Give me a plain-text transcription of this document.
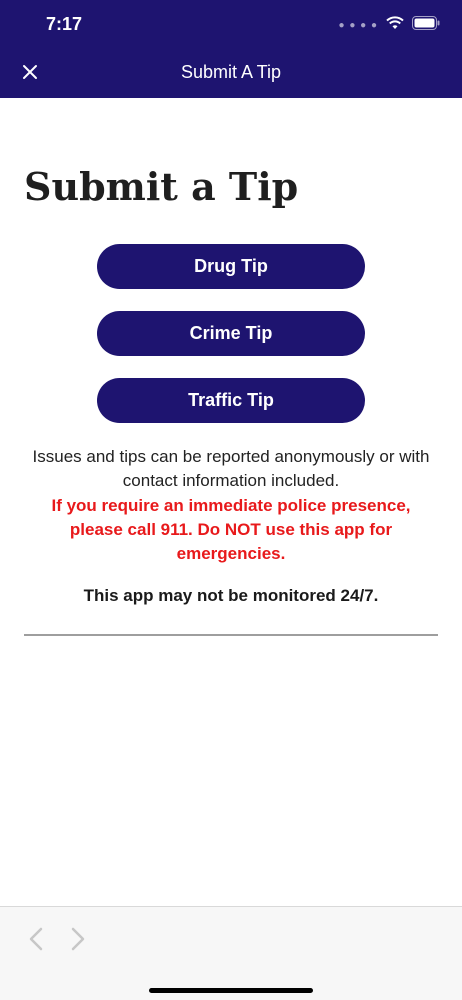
7:17	● ● ● ●
Submit A Tip
Submit a Tip
Drug Tip
Crime Tip
Traffic Tip
Issues and tips can be reported anonymously or with contact information included.
If you require an immediate police presence, please call 911. Do NOT use this app for emergencies.
This app may not be monitored 24/7.
